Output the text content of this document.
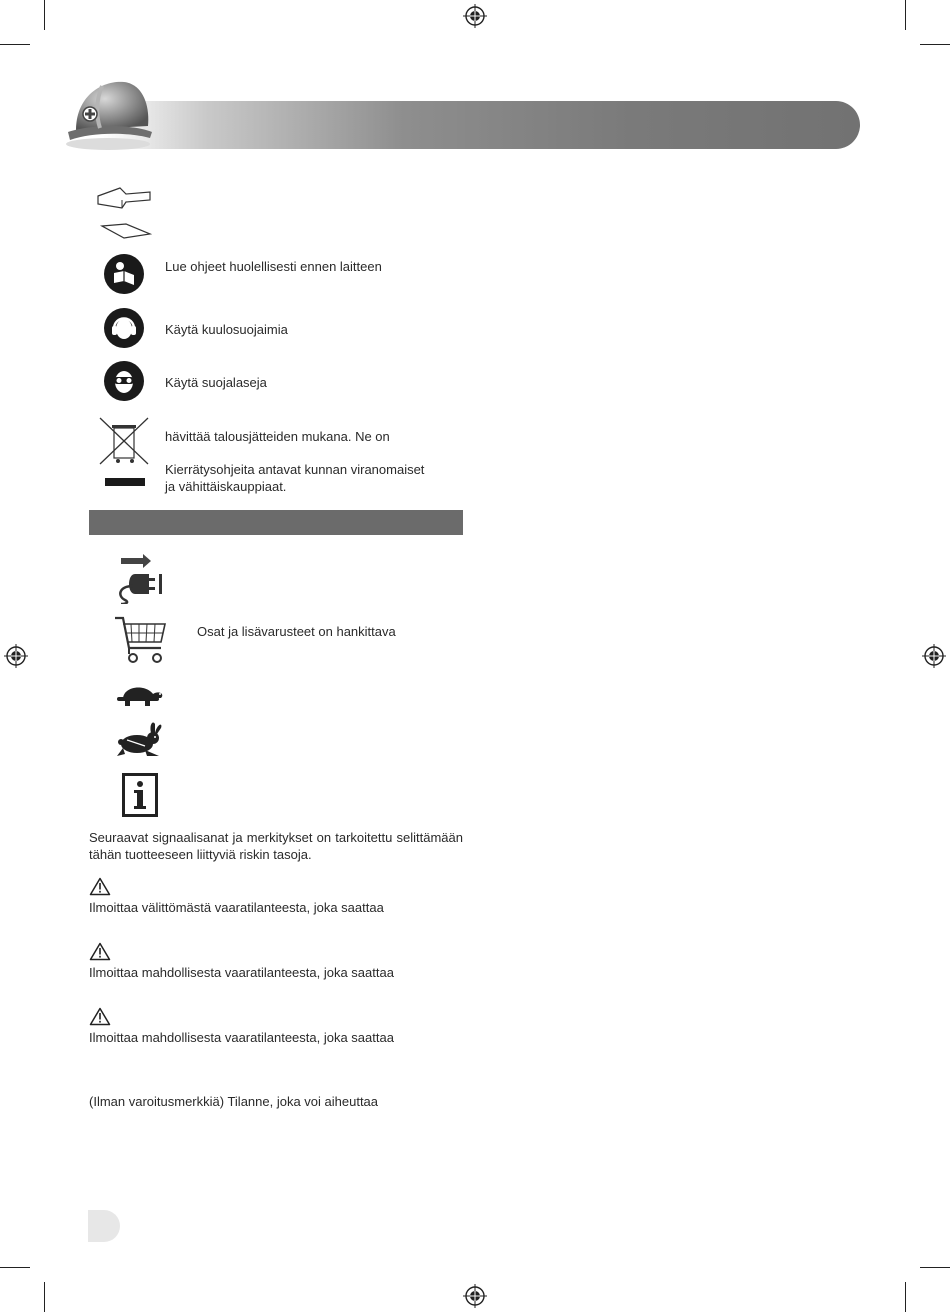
Lue ohjeet huolellisesti ennen laitteen
Käytä kuulosuojaimia
Käytä suojalaseja
hävittää talousjätteiden mukana. Ne on
Kierrätysohjeita antavat kunnan viranomaiset
ja vähittäiskauppiaat.
Osat ja lisävarusteet on hankittava
Seuraavat signaalisanat ja merkitykset on tarkoitettu selittämään tähän tuotteeseen liittyviä riskin tasoja.
Ilmoittaa välittömästä vaaratilanteesta, joka saattaa
Ilmoittaa mahdollisesta vaaratilanteesta, joka saattaa
Ilmoittaa mahdollisesta vaaratilanteesta, joka saattaa
(Ilman varoitusmerkkiä) Tilanne, joka voi aiheuttaa
